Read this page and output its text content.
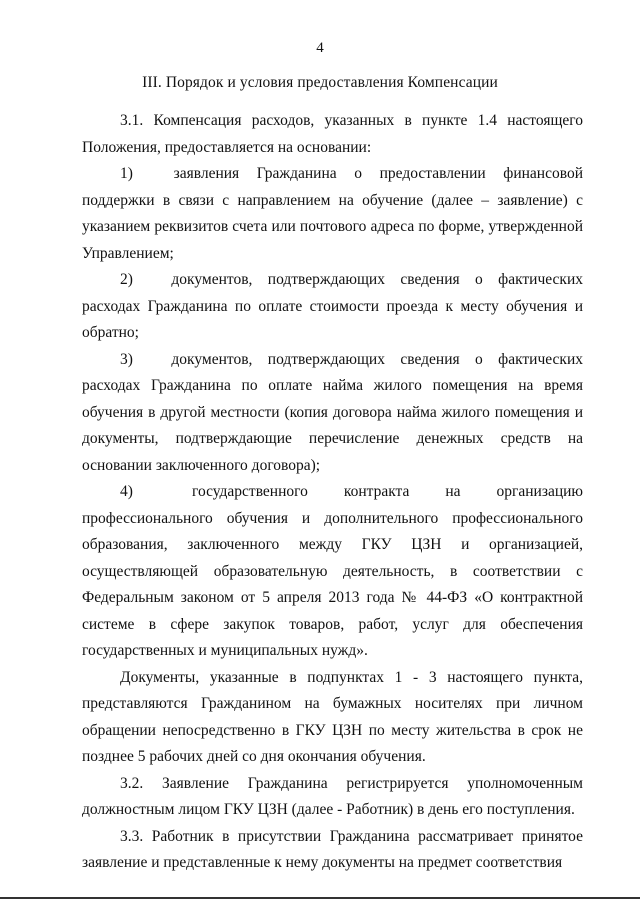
4
III. Порядок и условия предоставления Компенсации

3.1. Компенсация расходов, указанных в пункте 1.4 настоящего Положения, предоставляется на основании:

1)	заявления Гражданина о предоставлении финансовой поддержки в связи с направлением на обучение (далее – заявление) с указанием реквизитов счета или почтового адреса по форме, утвержденной Управлением;

2) документов, подтверждающих сведения о фактических расходах Гражданина по оплате стоимости проезда к месту обучения и обратно;

3) документов, подтверждающих сведения о фактических расходах Гражданина по оплате найма жилого помещения на время обучения в другой местности (копия договора найма жилого помещения и документы, подтверждающие перечисление денежных средств на основании заключенного договора);

4)	государственного контракта на организацию профессионального обучения и дополнительного профессионального образования, заключенного между ГКУ ЦЗН и организацией, осуществляющей образовательную деятельность, в соответствии с Федеральным законом от 5 апреля 2013 года № 44-ФЗ «О контрактной системе в сфере закупок товаров, работ, услуг для обеспечения государственных и муниципальных нужд».

Документы, указанные в подпунктах 1 - 3 настоящего пункта, представляются Гражданином на бумажных носителях при личном обращении непосредственно в ГКУ ЦЗН по месту жительства в срок не позднее 5 рабочих дней со дня окончания обучения.

3.2. Заявление Гражданина регистрируется уполномоченным должностным лицом ГКУ ЦЗН (далее - Работник) в день его поступления.

3.3. Работник в присутствии Гражданина рассматривает принятое заявление и представленные к нему документы на предмет соответствия
